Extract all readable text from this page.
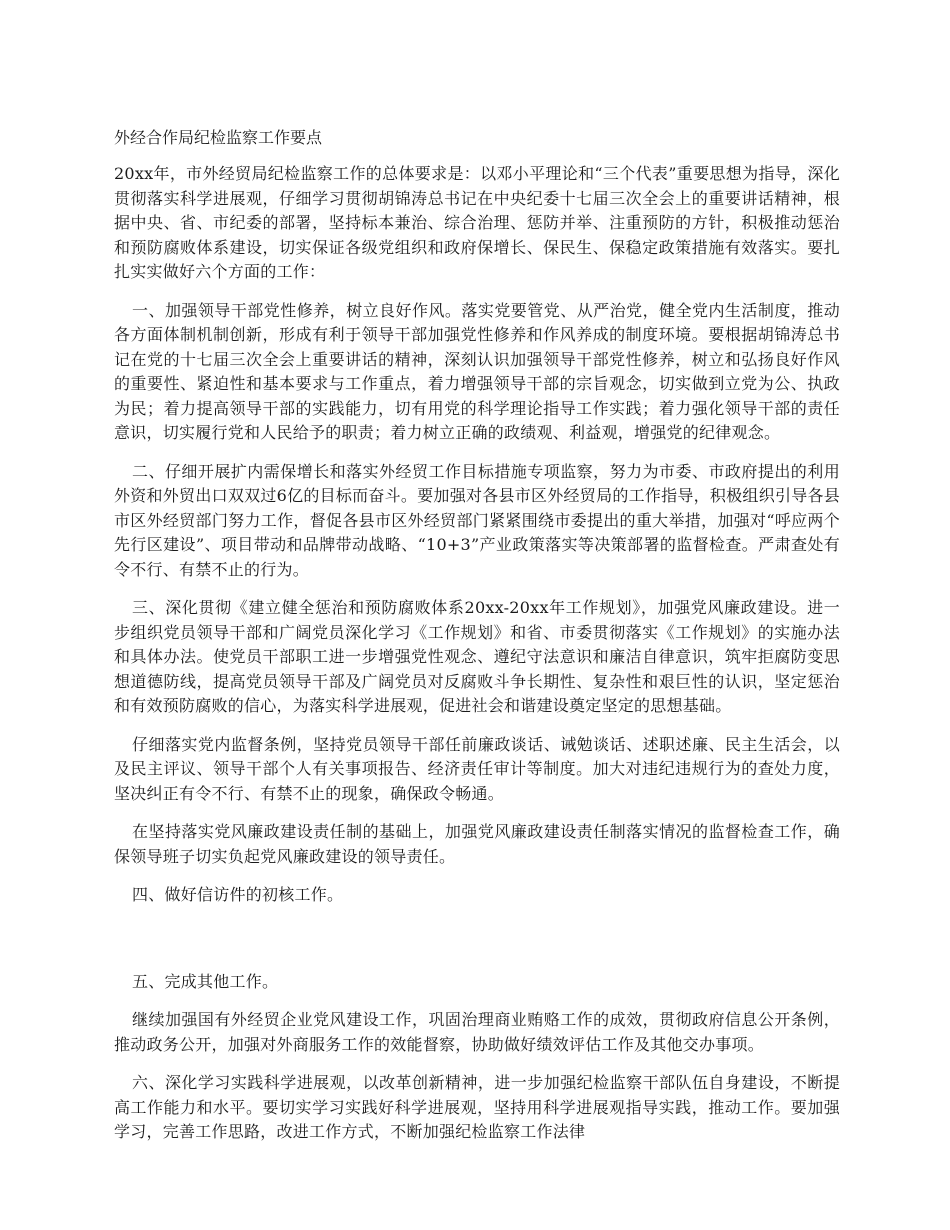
外经合作局纪检监察工作要点

20xx年，市外经贸局纪检监察工作的总体要求是：以邓小平理论和“三个代表”重要思想为指导，深化贯彻落实科学进展观，仔细学习贯彻胡锦涛总书记在中央纪委十七届三次全会上的重要讲话精神，根据中央、省、市纪委的部署，坚持标本兼治、综合治理、惩防并举、注重预防的方针，积极推动惩治和预防腐败体系建设，切实保证各级党组织和政府保增长、保民生、保稳定政策措施有效落实。要扎扎实实做好六个方面的工作：

一、加强领导干部党性修养，树立良好作风。落实党要管党、从严治党，健全党内生活制度，推动各方面体制机制创新，形成有利于领导干部加强党性修养和作风养成的制度环境。要根据胡锦涛总书记在党的十七届三次全会上重要讲话的精神，深刻认识加强领导干部党性修养，树立和弘扬良好作风的重要性、紧迫性和基本要求与工作重点，着力增强领导干部的宗旨观念，切实做到立党为公、执政为民；着力提高领导干部的实践能力，切有用党的科学理论指导工作实践；着力强化领导干部的责任意识，切实履行党和人民给予的职责；着力树立正确的政绩观、利益观，增强党的纪律观念。

二、仔细开展扩内需保增长和落实外经贸工作目标措施专项监察，努力为市委、市政府提出的利用外资和外贸出口双双过6亿的目标而奋斗。要加强对各县市区外经贸局的工作指导，积极组织引导各县市区外经贸部门努力工作，督促各县市区外经贸部门紧紧围绕市委提出的重大举措，加强对“呼应两个先行区建设”、项目带动和品牌带动战略、“10+3”产业政策落实等决策部署的监督检查。严肃查处有令不行、有禁不止的行为。

三、深化贯彻《建立健全惩治和预防腐败体系20xx-20xx年工作规划》，加强党风廉政建设。进一步组织党员领导干部和广阔党员深化学习《工作规划》和省、市委贯彻落实《工作规划》的实施办法和具体办法。使党员干部职工进一步增强党性观念、遵纪守法意识和廉洁自律意识，筑牢拒腐防变思想道德防线，提高党员领导干部及广阔党员对反腐败斗争长期性、复杂性和艰巨性的认识，坚定惩治和有效预防腐败的信心，为落实科学进展观，促进社会和谐建设奠定坚定的思想基础。

仔细落实党内监督条例，坚持党员领导干部任前廉政谈话、诫勉谈话、述职述廉、民主生活会，以及民主评议、领导干部个人有关事项报告、经济责任审计等制度。加大对违纪违规行为的查处力度，坚决纠正有令不行、有禁不止的现象，确保政令畅通。

在坚持落实党风廉政建设责任制的基础上，加强党风廉政建设责任制落实情况的监督检查工作，确保领导班子切实负起党风廉政建设的领导责任。

四、做好信访件的初核工作。

五、完成其他工作。

继续加强国有外经贸企业党风建设工作，巩固治理商业贿赂工作的成效，贯彻政府信息公开条例，推动政务公开，加强对外商服务工作的效能督察，协助做好绩效评估工作及其他交办事项。

六、深化学习实践科学进展观，以改革创新精神，进一步加强纪检监察干部队伍自身建设，不断提高工作能力和水平。要切实学习实践好科学进展观，坚持用科学进展观指导实践，推动工作。要加强学习，完善工作思路，改进工作方式，不断加强纪检监察工作法律
